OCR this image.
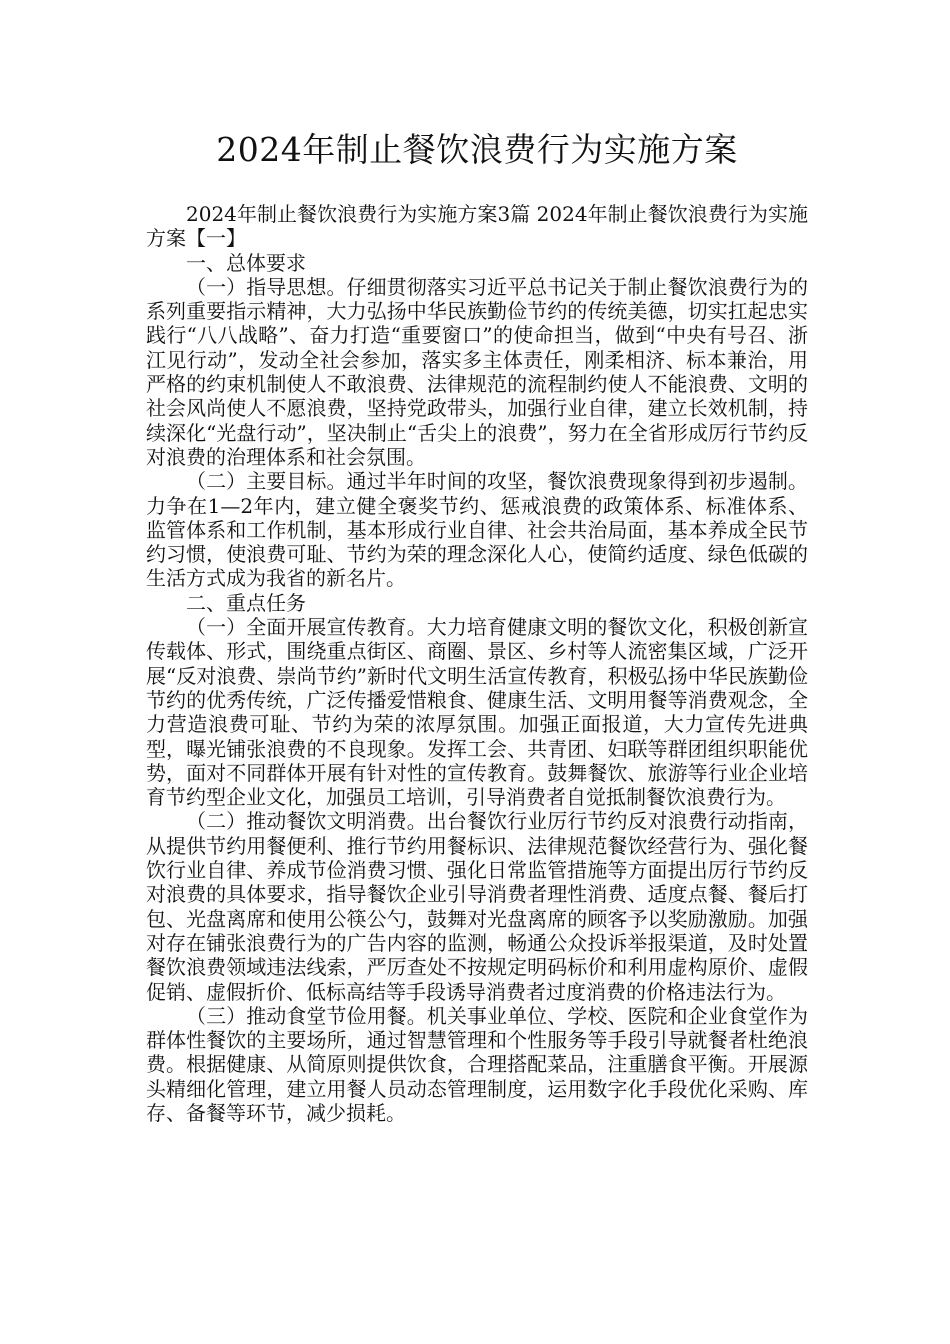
2024年制止餐饮浪费行为实施方案

2024年制止餐饮浪费行为实施方案3篇 2024年制止餐饮浪费行为实施方案【一】

一、总体要求

（一）指导思想。仔细贯彻落实习近平总书记关于制止餐饮浪费行为的系列重要指示精神，大力弘扬中华民族勤俭节约的传统美德，切实扛起忠实践行“八八战略”、奋力打造“重要窗口”的使命担当，做到“中央有号召、浙江见行动”，发动全社会参加，落实多主体责任，刚柔相济、标本兼治，用严格的约束机制使人不敢浪费、法律规范的流程制约使人不能浪费、文明的社会风尚使人不愿浪费，坚持党政带头，加强行业自律，建立长效机制，持续深化“光盘行动”，坚决制止“舌尖上的浪费”，努力在全省形成厉行节约反对浪费的治理体系和社会氛围。

（二）主要目标。通过半年时间的攻坚，餐饮浪费现象得到初步遏制。力争在1—2年内，建立健全褒奖节约、惩戒浪费的政策体系、标准体系、监管体系和工作机制，基本形成行业自律、社会共治局面，基本养成全民节约习惯，使浪费可耻、节约为荣的理念深化人心，使简约适度、绿色低碳的生活方式成为我省的新名片。

二、重点任务

（一）全面开展宣传教育。大力培育健康文明的餐饮文化，积极创新宣传载体、形式，围绕重点街区、商圈、景区、乡村等人流密集区域，广泛开展“反对浪费、崇尚节约”新时代文明生活宣传教育，积极弘扬中华民族勤俭节约的优秀传统，广泛传播爱惜粮食、健康生活、文明用餐等消费观念，全力营造浪费可耻、节约为荣的浓厚氛围。加强正面报道，大力宣传先进典型，曝光铺张浪费的不良现象。发挥工会、共青团、妇联等群团组织职能优势，面对不同群体开展有针对性的宣传教育。鼓舞餐饮、旅游等行业企业培育节约型企业文化，加强员工培训，引导消费者自觉抵制餐饮浪费行为。

（二）推动餐饮文明消费。出台餐饮行业厉行节约反对浪费行动指南，从提供节约用餐便利、推行节约用餐标识、法律规范餐饮经营行为、强化餐饮行业自律、养成节俭消费习惯、强化日常监管措施等方面提出厉行节约反对浪费的具体要求，指导餐饮企业引导消费者理性消费、适度点餐、餐后打包、光盘离席和使用公筷公勺，鼓舞对光盘离席的顾客予以奖励激励。加强对存在铺张浪费行为的广告内容的监测，畅通公众投诉举报渠道，及时处置餐饮浪费领域违法线索，严厉查处不按规定明码标价和利用虚构原价、虚假促销、虚假折价、低标高结等手段诱导消费者过度消费的价格违法行为。

（三）推动食堂节俭用餐。机关事业单位、学校、医院和企业食堂作为群体性餐饮的主要场所，通过智慧管理和个性服务等手段引导就餐者杜绝浪费。根据健康、从简原则提供饮食，合理搭配菜品，注重膳食平衡。开展源头精细化管理，建立用餐人员动态管理制度，运用数字化手段优化采购、库存、备餐等环节，减少损耗。
